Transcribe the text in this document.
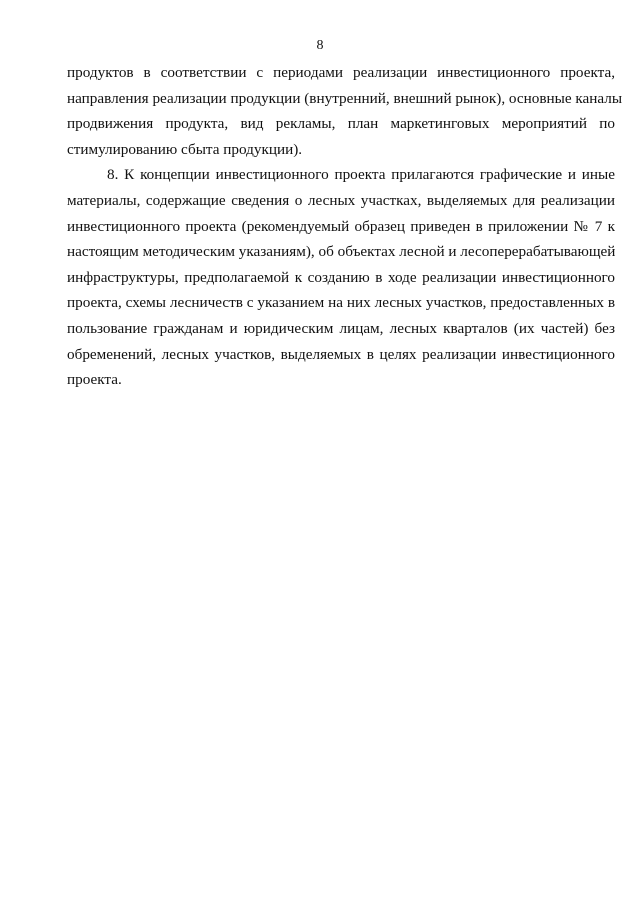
8
продуктов в соответствии с периодами реализации инвестиционного проекта,
направления реализации продукции (внутренний, внешний рынок), основные каналы
продвижения продукта, вид рекламы, план маркетинговых мероприятий по
стимулированию сбыта продукции).
8. К концепции инвестиционного проекта прилагаются графические и иные
материалы, содержащие сведения о лесных участках, выделяемых для реализации
инвестиционного проекта (рекомендуемый образец приведен в приложении № 7 к
настоящим методическим указаниям), об объектах лесной и лесоперерабатывающей
инфраструктуры, предполагаемой к созданию в ходе реализации инвестиционного
проекта, схемы лесничеств с указанием на них лесных участков, предоставленных в
пользование гражданам и юридическим лицам, лесных кварталов (их частей) без
обременений, лесных участков, выделяемых в целях реализации инвестиционного
проекта.
